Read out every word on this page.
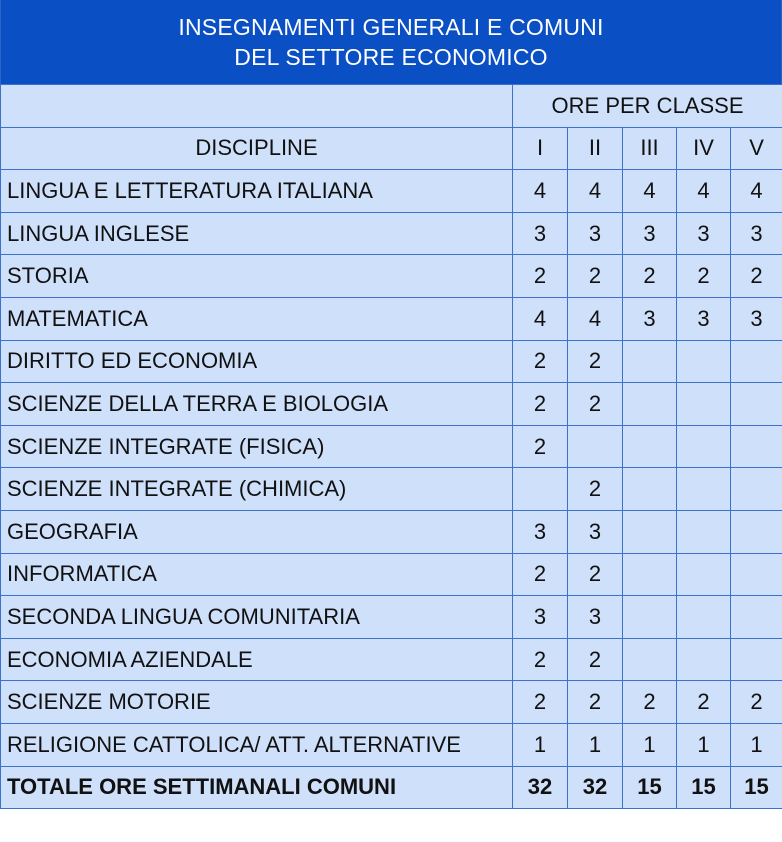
INSEGNAMENTI GENERALI E COMUNI
DEL SETTORE ECONOMICO
	ORE PER CLASSE				
DISCIPLINE	I	II	III	IV	V
LINGUA E LETTERATURA ITALIANA	4	4	4	4	4
LINGUA INGLESE	3	3	3	3	3
STORIA	2	2	2	2	2
MATEMATICA	4	4	3	3	3
DIRITTO ED ECONOMIA	2	2			
SCIENZE DELLA TERRA E BIOLOGIA	2	2			
SCIENZE INTEGRATE (FISICA)	2				
SCIENZE INTEGRATE (CHIMICA)		2			
GEOGRAFIA	3	3			
INFORMATICA	2	2			
SECONDA LINGUA COMUNITARIA	3	3			
ECONOMIA AZIENDALE	2	2			
SCIENZE MOTORIE	2	2	2	2	2
RELIGIONE CATTOLICA/ ATT. ALTERNATIVE	1	1	1	1	1
TOTALE ORE SETTIMANALI COMUNI	32	32	15	15	15
